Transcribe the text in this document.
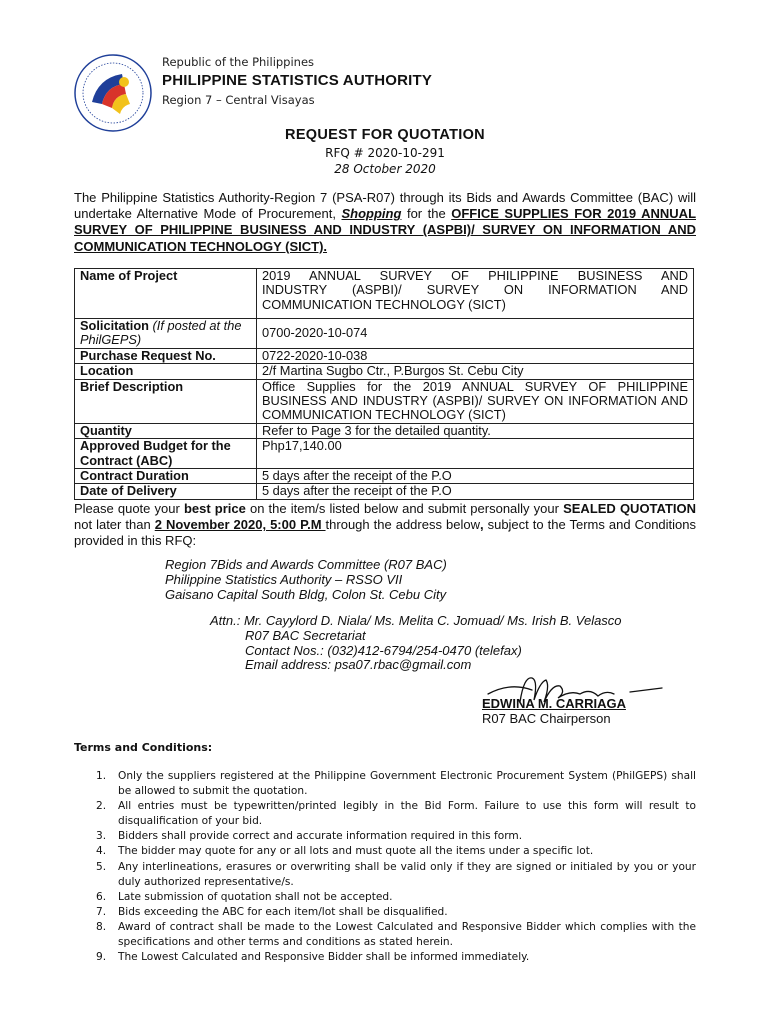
Republic of the Philippines
PHILIPPINE STATISTICS AUTHORITY
Region 7 – Central Visayas
REQUEST FOR QUOTATION
RFQ # 2020-10-291
28 October 2020

The Philippine Statistics Authority-Region 7 (PSA-R07) through its Bids and Awards Committee (BAC) will undertake Alternative Mode of Procurement, Shopping for the OFFICE SUPPLIES FOR 2019 ANNUAL SURVEY OF PHILIPPINE BUSINESS AND INDUSTRY (ASPBI)/ SURVEY ON INFORMATION AND COMMUNICATION TECHNOLOGY (SICT).

Name of Project	2019 ANNUAL SURVEY OF PHILIPPINE BUSINESS AND
INDUSTRY (ASPBI)/ SURVEY ON INFORMATION AND
COMMUNICATION TECHNOLOGY (SICT)

Solicitation (If posted at the PhilGEPS)	0700-2020-10-074
Purchase Request No.	0722-2020-10-038
Location	2/f Martina Sugbo Ctr., P.Burgos St. Cebu City
Brief Description	Office Supplies for the 2019 ANNUAL SURVEY OF PHILIPPINE BUSINESS AND INDUSTRY (ASPBI)/ SURVEY ON INFORMATION AND COMMUNICATION TECHNOLOGY (SICT)
Quantity	Refer to Page 3 for the detailed quantity.
Approved Budget for the Contract (ABC)	Php17,140.00
Contract Duration	5 days after the receipt of the P.O
Date of Delivery	5 days after the receipt of the P.O

Please quote your best price on the item/s listed below and submit personally your SEALED QUOTATION not later than 2 November 2020, 5:00 P.M through the address below, subject to the Terms and Conditions provided in this RFQ:

Region 7Bids and Awards Committee (R07 BAC)
Philippine Statistics Authority – RSSO VII
Gaisano Capital South Bldg, Colon St. Cebu City
Attn.: Mr. Cayylord D. Niala/ Ms. Melita C. Jomuad/ Ms. Irish B. Velasco
R07 BAC Secretariat
Contact Nos.: (032)412-6794/254-0470 (telefax)
Email address: psa07.rbac@gmail.com
EDWINA M. CARRIAGA
R07 BAC Chairperson
Terms and Conditions:
1.	Only the suppliers registered at the Philippine Government Electronic Procurement System (PhilGEPS) shall be allowed to submit the quotation.
2.	All entries must be typewritten/printed legibly in the Bid Form. Failure to use this form will result to disqualification of your bid.
3.	Bidders shall provide correct and accurate information required in this form.
4.	The bidder may quote for any or all lots and must quote all the items under a specific lot.
5.	Any interlineations, erasures or overwriting shall be valid only if they are signed or initialed by you or your duly authorized representative/s.
6.	Late submission of quotation shall not be accepted.
7.	Bids exceeding the ABC for each item/lot shall be disqualified.
8.	Award of contract shall be made to the Lowest Calculated and Responsive Bidder which complies with the specifications and other terms and conditions as stated herein.
9.	The Lowest Calculated and Responsive Bidder shall be informed immediately.
